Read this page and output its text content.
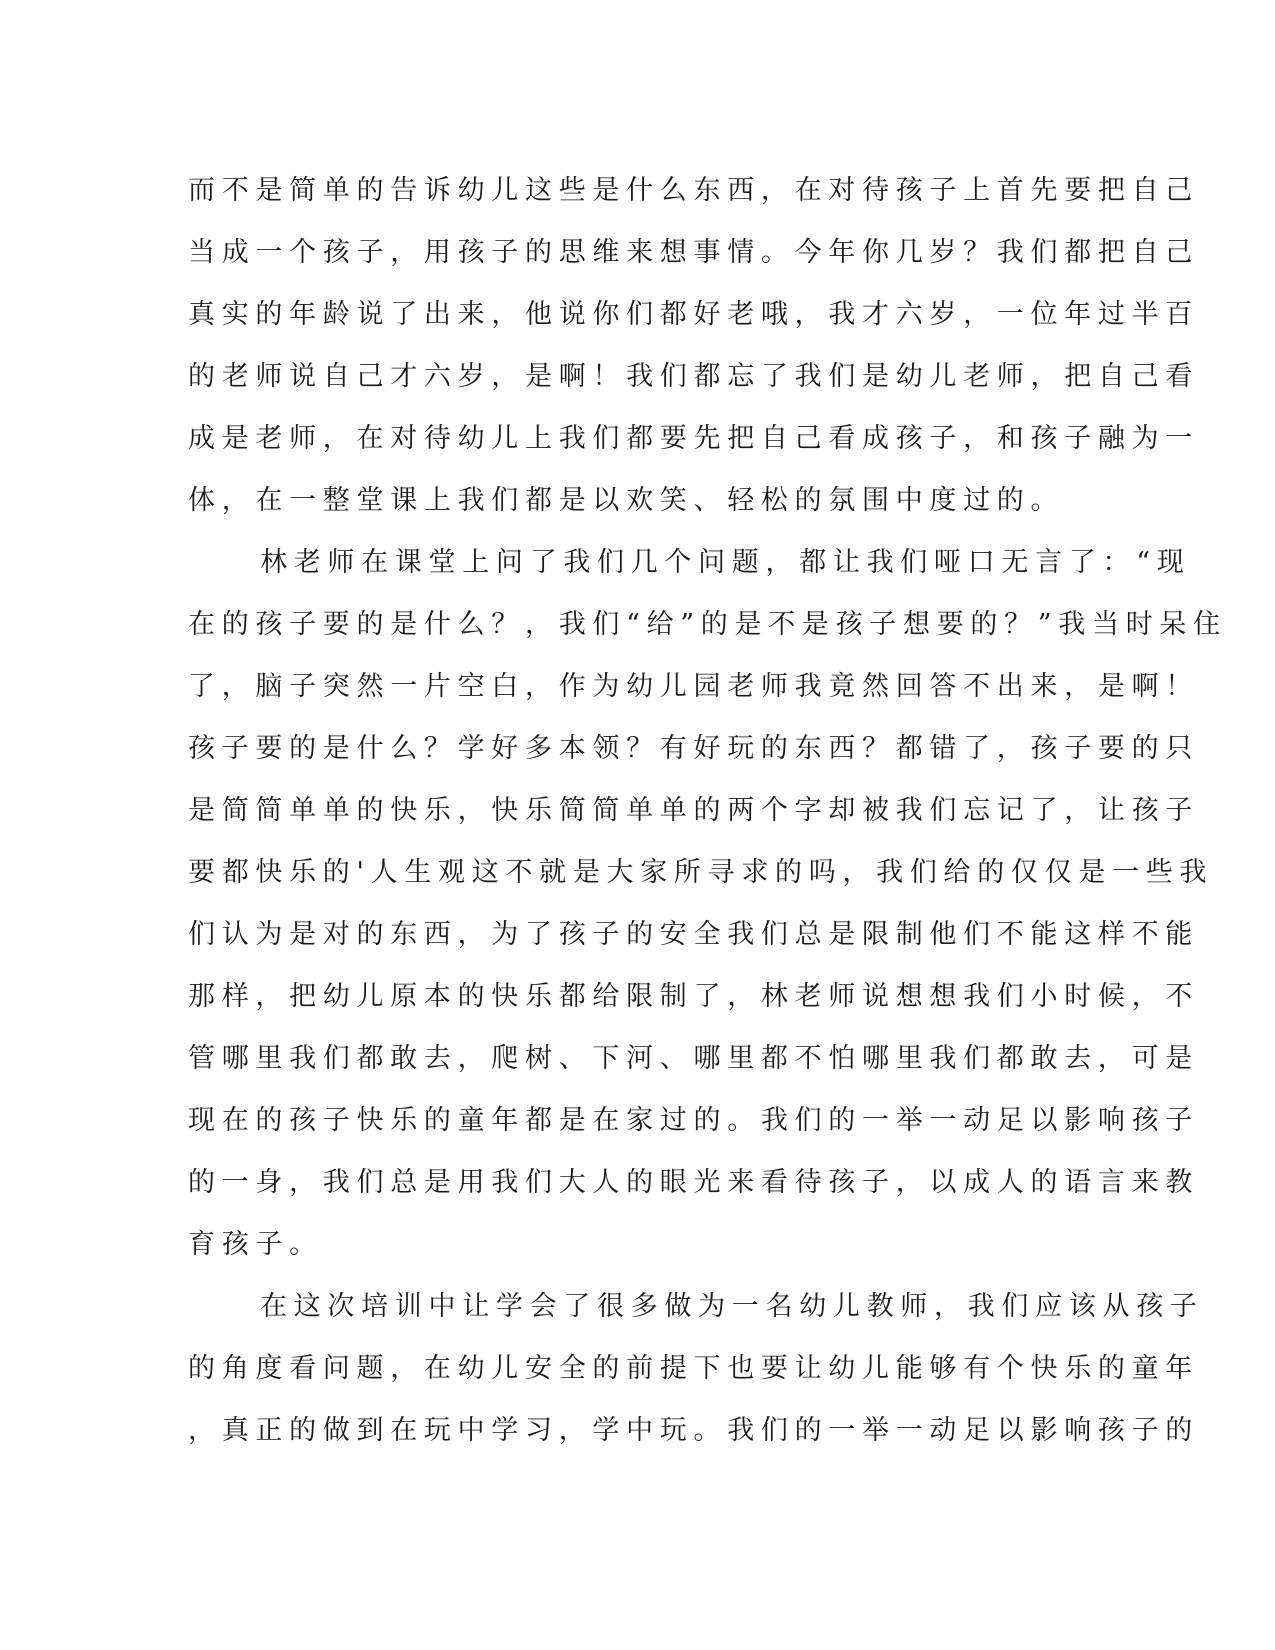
而不是简单的告诉幼儿这些是什么东西，在对待孩子上首先要把自己
当成一个孩子，用孩子的思维来想事情。今年你几岁？我们都把自己
真实的年龄说了出来，他说你们都好老哦，我才六岁，一位年过半百
的老师说自己才六岁，是啊！我们都忘了我们是幼儿老师，把自己看
成是老师，在对待幼儿上我们都要先把自己看成孩子，和孩子融为一
体，在一整堂课上我们都是以欢笑、轻松的氛围中度过的。
林老师在课堂上问了我们几个问题，都让我们哑口无言了：“现
在的孩子要的是什么？，我们“给”的是不是孩子想要的？”我当时呆住
了，脑子突然一片空白，作为幼儿园老师我竟然回答不出来，是啊！
孩子要的是什么？学好多本领？有好玩的东西？都错了，孩子要的只
是简简单单的快乐，快乐简简单单的两个字却被我们忘记了，让孩子
要都快乐的'人生观这不就是大家所寻求的吗，我们给的仅仅是一些我
们认为是对的东西，为了孩子的安全我们总是限制他们不能这样不能
那样，把幼儿原本的快乐都给限制了，林老师说想想我们小时候，不
管哪里我们都敢去，爬树、下河、哪里都不怕哪里我们都敢去，可是
现在的孩子快乐的童年都是在家过的。我们的一举一动足以影响孩子
的一身，我们总是用我们大人的眼光来看待孩子，以成人的语言来教
育孩子。
在这次培训中让学会了很多做为一名幼儿教师，我们应该从孩子
的角度看问题，在幼儿安全的前提下也要让幼儿能够有个快乐的童年
，真正的做到在玩中学习，学中玩。我们的一举一动足以影响孩子的
